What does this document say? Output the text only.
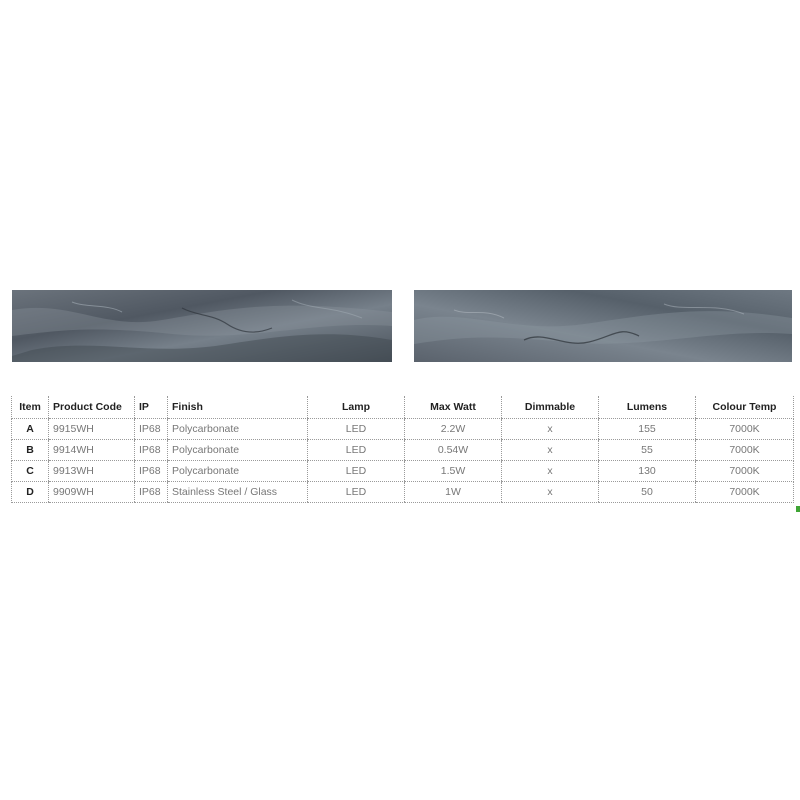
Item	Product Code	IP	Finish	Lamp	Max Watt	Dimmable	Lumens	Colour Temp
A	9915WH	IP68	Polycarbonate	LED	2.2W	x	155	7000K
B	9914WH	IP68	Polycarbonate	LED	0.54W	x	55	7000K
C	9913WH	IP68	Polycarbonate	LED	1.5W	x	130	7000K
D	9909WH	IP68	Stainless Steel / Glass	LED	1W	x	50	7000K
